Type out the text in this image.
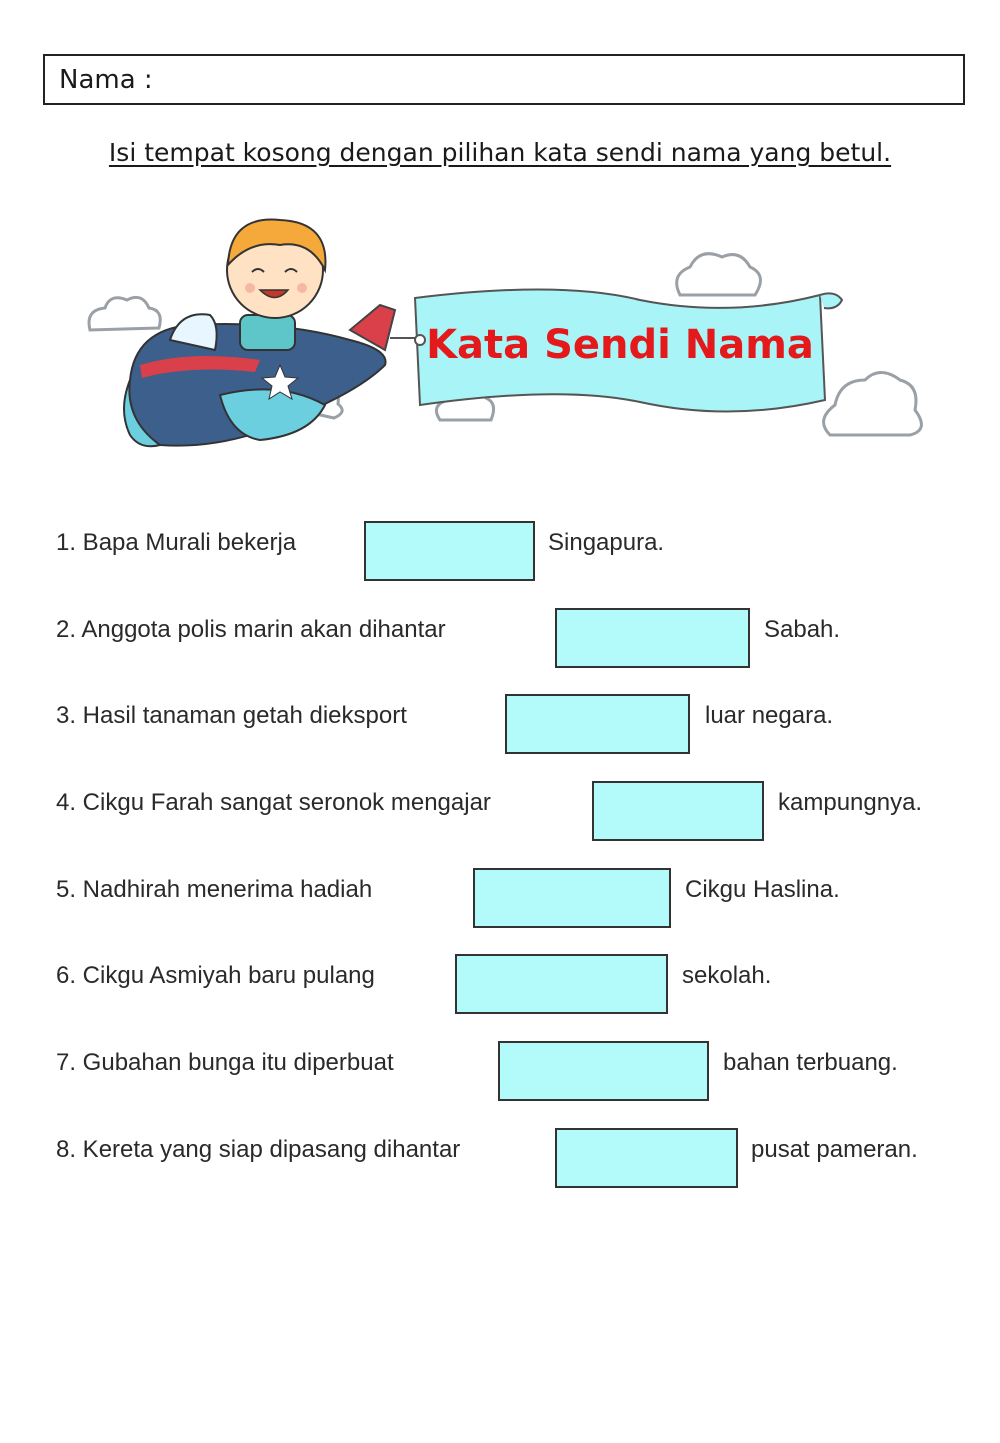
Nama :
Isi tempat kosong dengan pilihan kata sendi nama yang betul.
Kata Sendi Nama
1. Bapa Murali bekerja	Singapura.
2. Anggota polis marin akan dihantar	Sabah.
3. Hasil tanaman getah dieksport	luar negara.
4. Cikgu Farah sangat seronok mengajar	kampungnya.
5. Nadhirah menerima hadiah	Cikgu Haslina.
6. Cikgu Asmiyah baru pulang	sekolah.
7. Gubahan bunga itu diperbuat	bahan terbuang.
8. Kereta yang siap dipasang dihantar	pusat pameran.
